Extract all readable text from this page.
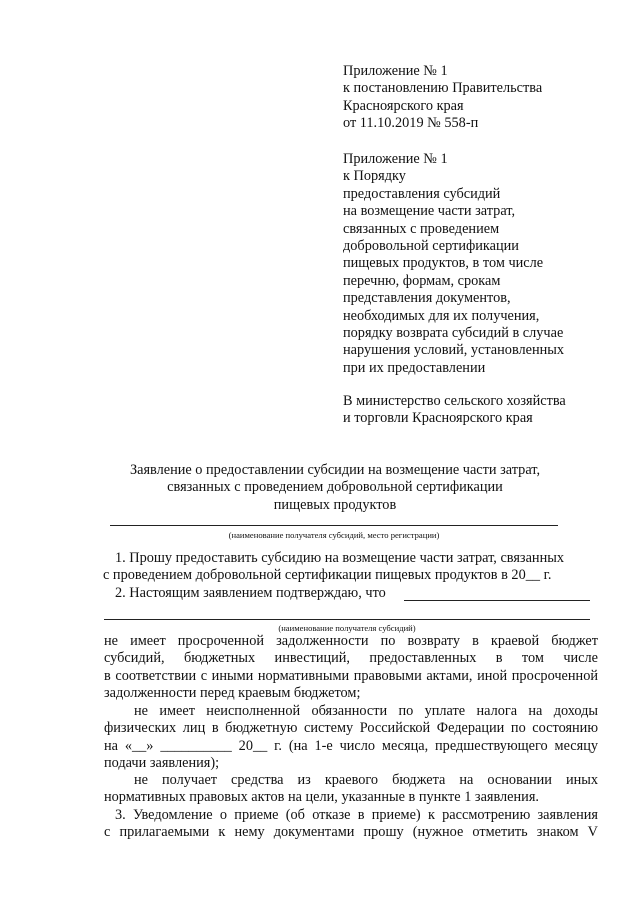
Приложение № 1
к постановлению Правительства
Красноярского края
от 11.10.2019 № 558-п
Приложение № 1
к Порядку
предоставления субсидий
на возмещение части затрат,
связанных с проведением
добровольной сертификации
пищевых продуктов, в том числе
перечню, формам, срокам
представления документов,
необходимых для их получения,
порядку возврата субсидий в случае
нарушения условий, установленных
при их предоставлении
В министерство сельского хозяйства
и торговли Красноярского края
Заявление о предоставлении субсидии на возмещение части затрат,
связанных с проведением добровольной сертификации
пищевых продуктов
(наименование получателя субсидий, место регистрации)
1. Прошу предоставить субсидию на возмещение части затрат, связанных
с проведением добровольной сертификации пищевых продуктов в 20__ г.
2. Настоящим заявлением подтверждаю, что
(наименование получателя субсидий)
не имеет просроченной задолженности по возврату в краевой бюджет
субсидий, бюджетных инвестиций, предоставленных в том числе
в соответствии с иными нормативными правовыми актами, иной просроченной
задолженности перед краевым бюджетом;
не имеет неисполненной обязанности по уплате налога на доходы
физических лиц в бюджетную систему Российской Федерации по состоянию
на «__» __________ 20__ г. (на 1-е число месяца, предшествующего месяцу
подачи заявления);
не получает средства из краевого бюджета на основании иных
нормативных правовых актов на цели, указанные в пункте 1 заявления.
3. Уведомление о приеме (об отказе в приеме) к рассмотрению заявления
с прилагаемыми к нему документами прошу (нужное отметить знаком V
